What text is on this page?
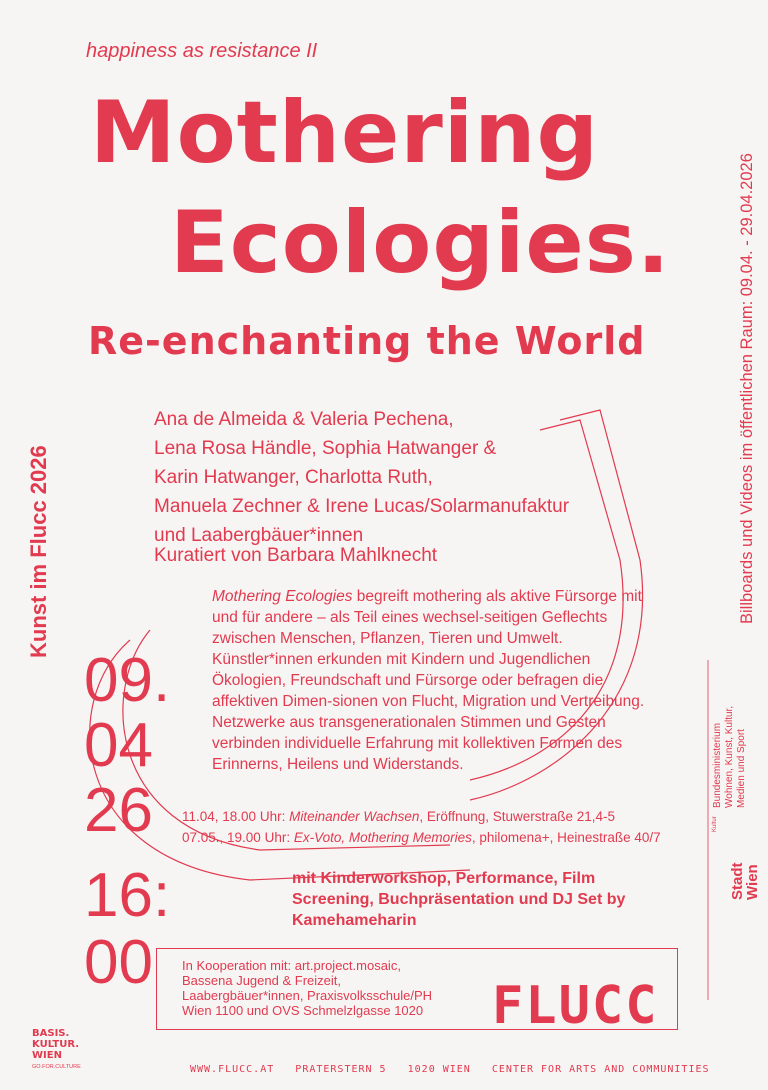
happiness as resistance II
Mothering
Ecologies.
Re-enchanting the World
Ana de Almeida & Valeria Pechena,
Lena Rosa Händle, Sophia Hatwanger &
Karin Hatwanger, Charlotta Ruth,
Manuela Zechner & Irene Lucas/Solarmanufaktur
und Laabergbäuer*innen
Kuratiert von Barbara Mahlknecht
Mothering Ecologies begreift mothering als aktive Fürsorge mit und für andere – als Teil eines wechsel-seitigen Geflechts zwischen Menschen, Pflanzen, Tieren und Umwelt. Künstler*innen erkunden mit Kindern und Jugendlichen Ökologien, Freundschaft und Fürsorge oder befragen die affektiven Dimen-sionen von Flucht, Migration und Vertreibung. Netzwerke aus transgenerationalen Stimmen und Gesten verbinden individuelle Erfahrung mit kollektiven Formen des Erinnerns, Heilens und Widerstands.
09.
04
26
16:
00
11.04, 18.00 Uhr: Miteinander Wachsen, Eröffnung, Stuwerstraße 21,4-5
07.05., 19.00 Uhr: Ex-Voto, Mothering Memories, philomena+, Heinestraße 40/7
mit Kinderworkshop, Performance, Film Screening, Buchpräsentation und DJ Set by Kamehameharin
In Kooperation mit: art.project.mosaic,
Bassena Jugend & Freizeit,
Laabergbäuer*innen, Praxisvolksschule/PH
Wien 1100 und OVS Schmelzlgasse 1020 FLUCC
BASIS.
KULTUR.
WIEN
GO.FOR.CULTURE	WWW.FLUCC.AT   PRATERSTERN 5   1020 WIEN   CENTER FOR ARTS AND COMMUNITIES
Kunst im Flucc 2026	Billboards und Videos im öffentlichen Raum: 09.04. - 29.04.2026
Bundesministerium Wohnen, Kunst, Kultur, Medien und Sport
Kultur
Stadt
Wien
